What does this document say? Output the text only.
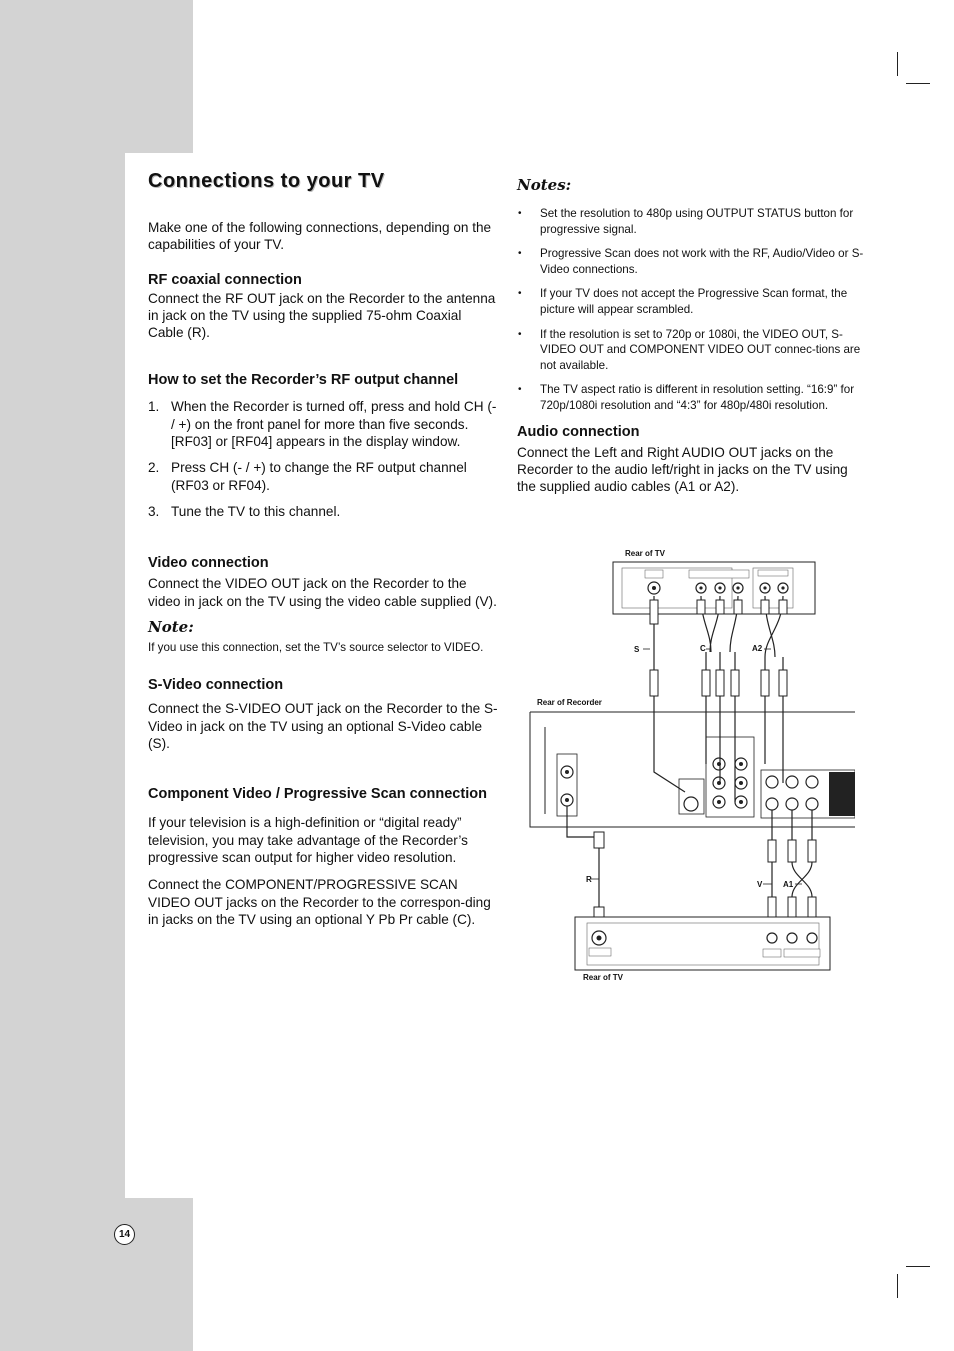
14
Connections to your TV

Make one of the following connections, depending on the capabilities of your TV.

RF coaxial connection

Connect the RF OUT jack on the Recorder to the antenna in jack on the TV using the supplied 75-ohm Coaxial Cable (R).

How to set the Recorder’s RF output channel
1. When the Recorder is turned off, press and hold CH (- / +) on the front panel for more than five seconds. [RF03] or [RF04] appears in the display window.
2. Press CH (- / +) to change the RF output channel (RF03 or RF04).
3. Tune the TV to this channel.
Video connection

Connect the VIDEO OUT jack on the Recorder to the video in jack on the TV using the video cable supplied (V).

Note:

If you use this connection, set the TV’s source selector to VIDEO.

S-Video connection

Connect the S-VIDEO OUT jack on the Recorder to the S-Video in jack on the TV using an optional S-Video cable (S).

Component Video / Progressive Scan connection

If your television is a high-definition or “digital ready” television, you may take advantage of the Recorder’s progressive scan output for higher video resolution.

Connect the COMPONENT/PROGRESSIVE SCAN VIDEO OUT jacks on the Recorder to the correspon-ding in jacks on the TV using an optional Y Pb Pr cable (C).

Notes:
• Set the resolution to 480p using OUTPUT STATUS button for progressive signal.
• Progressive Scan does not work with the RF, Audio/Video or S-Video connections.
• If your TV does not accept the Progressive Scan format, the picture will appear scrambled.
• If the resolution is set to 720p or 1080i, the VIDEO OUT, S-VIDEO OUT and COMPONENT VIDEO OUT connec-tions are not available.
• The TV aspect ratio is different in resolution setting. “16:9” for 720p/1080i resolution and “4:3” for 480p/480i resolution.
Audio connection

Connect the Left and Right AUDIO OUT jacks on the Recorder to the audio left/right in jacks on the TV using the supplied audio cables (A1 or A2).

Rear of TV
Rear of Recorder
Rear of TV
S	C	A2
R
V	A1
